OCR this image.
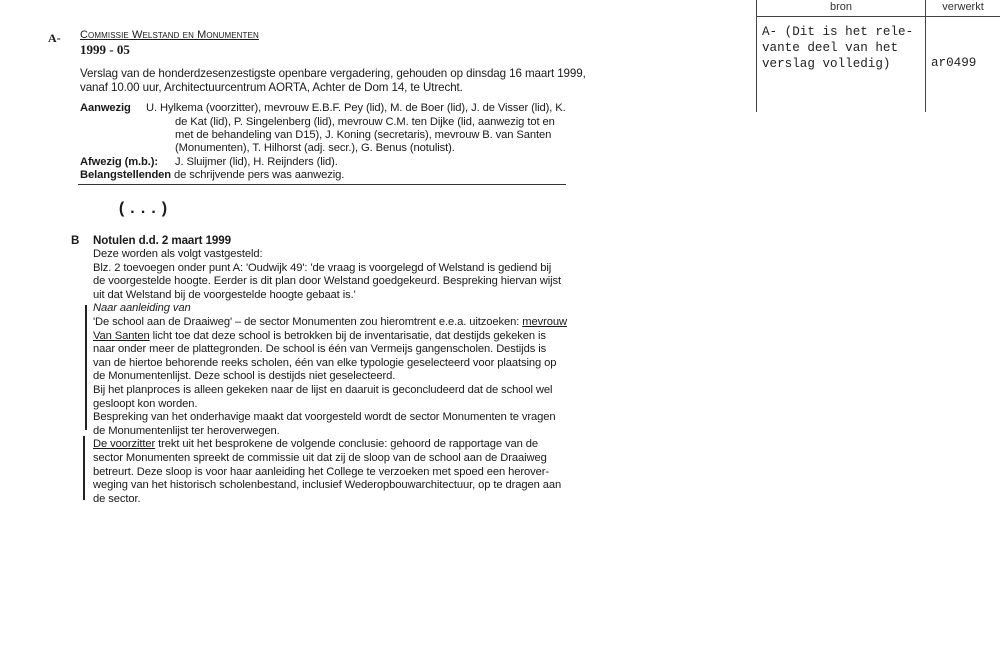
bron	verwerkt
A- (Dit is het rele-
vante deel van het
verslag volledig)	ar0499
A- Commissie Welstand en Monumenten
1999 - 05
Verslag van de honderdzesenzestigste openbare vergadering, gehouden op dinsdag 16 maart 1999,
vanaf 10.00 uur, Architectuurcentrum AORTA, Achter de Dom 14, te Utrecht.
Aanwezig U. Hylkema (voorzitter), mevrouw E.B.F. Pey (lid), M. de Boer (lid), J. de Visser (lid), K.
de Kat (lid), P. Singelenberg (lid), mevrouw C.M. ten Dijke (lid, aanwezig tot en
met de behandeling van D15), J. Koning (secretaris), mevrouw B. van Santen
(Monumenten), T. Hilhorst (adj. secr.), G. Benus (notulist).
Afwezig (m.b.): J. Sluijmer (lid), H. Reijnders (lid).
Belangstellenden de schrijvende pers was aanwezig.
(...)
B Notulen d.d. 2 maart 1999
Deze worden als volgt vastgesteld:
Blz. 2 toevoegen onder punt A: 'Oudwijk 49': 'de vraag is voorgelegd of Welstand is gediend bij
de voorgestelde hoogte. Eerder is dit plan door Welstand goedgekeurd. Bespreking hiervan wijst
uit dat Welstand bij de voorgestelde hoogte gebaat is.'
Naar aanleiding van
'De school aan de Draaiweg' – de sector Monumenten zou hieromtrent e.e.a. uitzoeken: mevrouw
Van Santen licht toe dat deze school is betrokken bij de inventarisatie, dat destijds gekeken is
naar onder meer de plattegronden. De school is één van Vermeijs gangenscholen. Destijds is
van de hiertoe behorende reeks scholen, één van elke typologie geselecteerd voor plaatsing op
de Monumentenlijst. Deze school is destijds niet geselecteerd.
Bij het planproces is alleen gekeken naar de lijst en daaruit is geconcludeerd dat de school wel
gesloopt kon worden.
Bespreking van het onderhavige maakt dat voorgesteld wordt de sector Monumenten te vragen
de Monumentenlijst ter heroverwegen.
De voorzitter trekt uit het besprokene de volgende conclusie: gehoord de rapportage van de
sector Monumenten spreekt de commissie uit dat zij de sloop van de school aan de Draaiweg
betreurt. Deze sloop is voor haar aanleiding het College te verzoeken met spoed een herover-
weging van het historisch scholenbestand, inclusief Wederopbouwarchitectuur, op te dragen aan
de sector.
